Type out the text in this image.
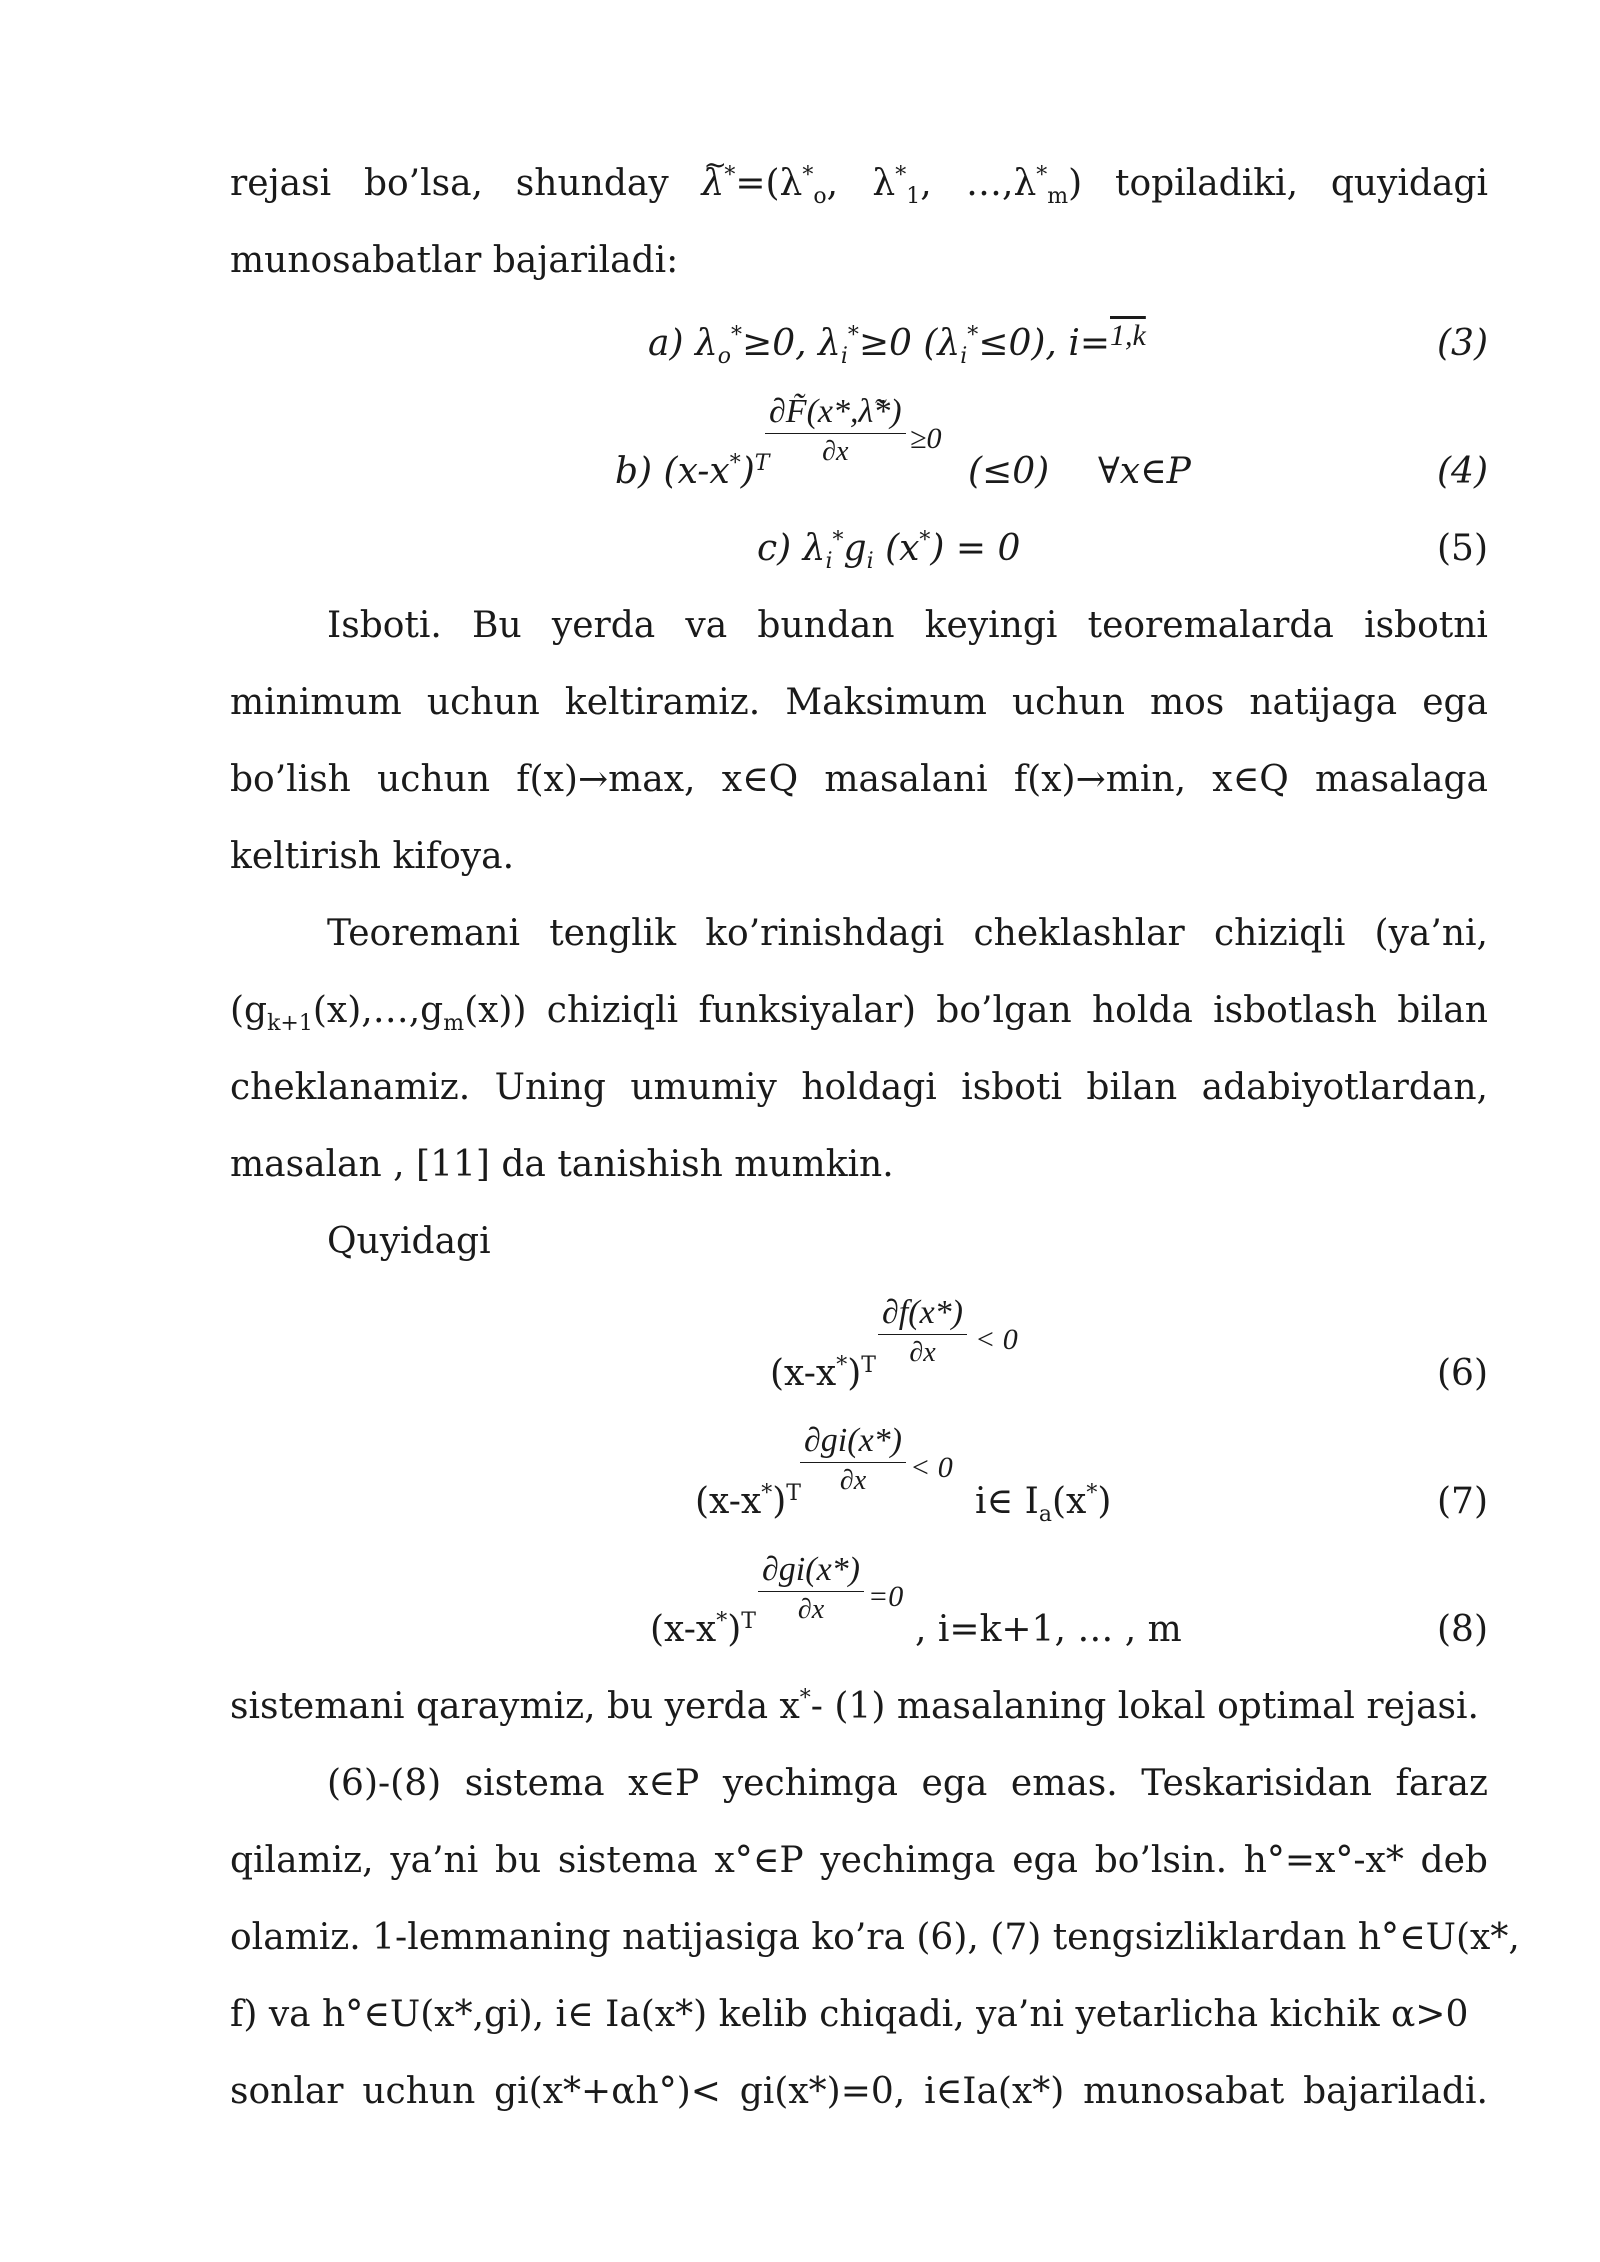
rejasi bo’lsa, shunday ~ $\lambda^*=(\lambda^*_o$, $\lambda^*_1$, $\dots,\lambda^*_m$) topiladiki, quyidagi
munosabatlar bajariladi:
a) $\lambda_o^*\ge 0$, $\lambda_i^*\ge 0$ $(\lambda_i^*\le 0)$, i=$^{1,k}$	(3)
∂F̃(x*,λ̃*)
∂x	≥0
b) $(x-x^*)^T$	(≤0) ∀x∈P	(4)
c) $\lambda_i^*g_i$ (x*) = 0	(5)
Isboti. Bu yerda va bundan keyingi teoremalarda isbotni
minimum uchun keltiramiz. Maksimum uchun mos natijaga ega
bo’lish uchun f(x)→max, x∈Q masalani f(x)→min, x∈Q masalaga
keltirish kifoya.
Teoremani tenglik ko’rinishdagi cheklashlar chiziqli (ya’ni,
$(g_{k+1}(x),\dots,g_m(x))$ chiziqli funksiyalar) bo’lgan holda isbotlash bilan
cheklanamiz. Uning umumiy holdagi isboti bilan adabiyotlardan,
masalan , [11] da tanishish mumkin.
Quyidagi
∂f(x*)
∂x	< 0
$(x-x^*)^T$	(6)
∂gi(x*)
∂x	< 0
$(x-x^*)^T$	i∈ $I_a(x^*)$	(7)
∂gi(x*)
∂x	=0
$(x-x^*)^T$	, i=k+1, … , m	(8)
sistemani qaraymiz, bu yerda x*- (1) masalaning lokal optimal rejasi.
(6)-(8) sistema x∈P yechimga ega emas. Teskarisidan faraz
qilamiz, ya’ni bu sistema x°∈P yechimga ega bo’lsin. h°=x°-x* deb
olamiz. 1-lemmaning natijasiga ko’ra (6), (7) tengsizliklardan h°∈U(x*,
f) va h°∈U(x*,gi), i∈ Ia(x*) kelib chiqadi, ya’ni yetarlicha kichik α>0
sonlar uchun gi(x*+αh°)< gi(x*)=0, i∈Ia(x*) munosabat bajariladi.
